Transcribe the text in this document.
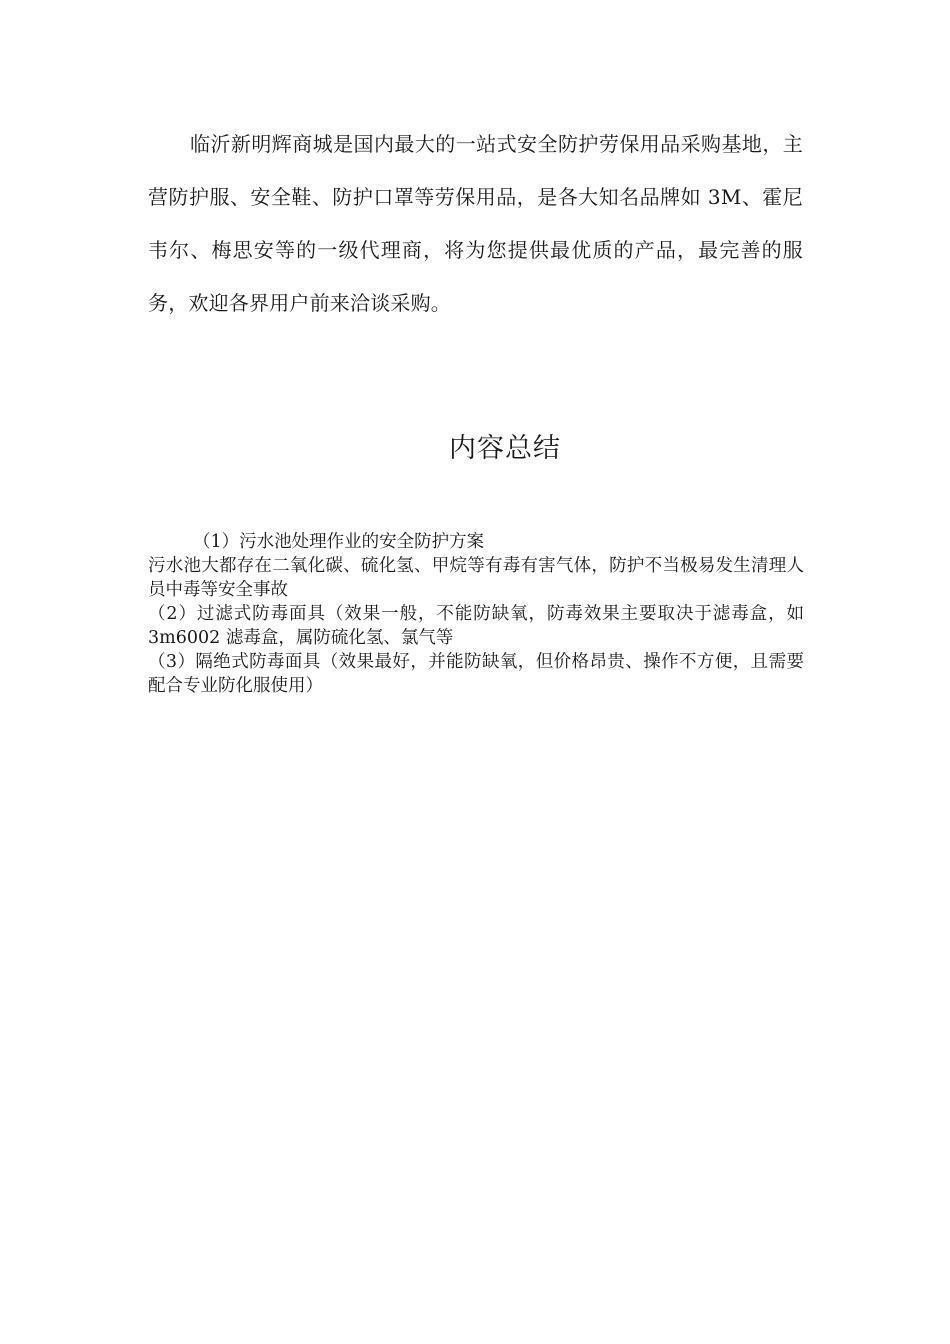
临沂新明辉商城是国内最大的一站式安全防护劳保用品采购基地，主营防护服、安全鞋、防护口罩等劳保用品，是各大知名品牌如 3M、霍尼韦尔、梅思安等的一级代理商，将为您提供最优质的产品，最完善的服务，欢迎各界用户前来洽谈采购。

内容总结

（1）污水池处理作业的安全防护方案

污水池大都存在二氧化碳、硫化氢、甲烷等有毒有害气体，防护不当极易发生清理人员中毒等安全事故

（2）过滤式防毒面具（效果一般，不能防缺氧，防毒效果主要取决于滤毒盒，如 3m6002 滤毒盒，属防硫化氢、氯气等

（3）隔绝式防毒面具（效果最好，并能防缺氧，但价格昂贵、操作不方便，且需要配合专业防化服使用）
